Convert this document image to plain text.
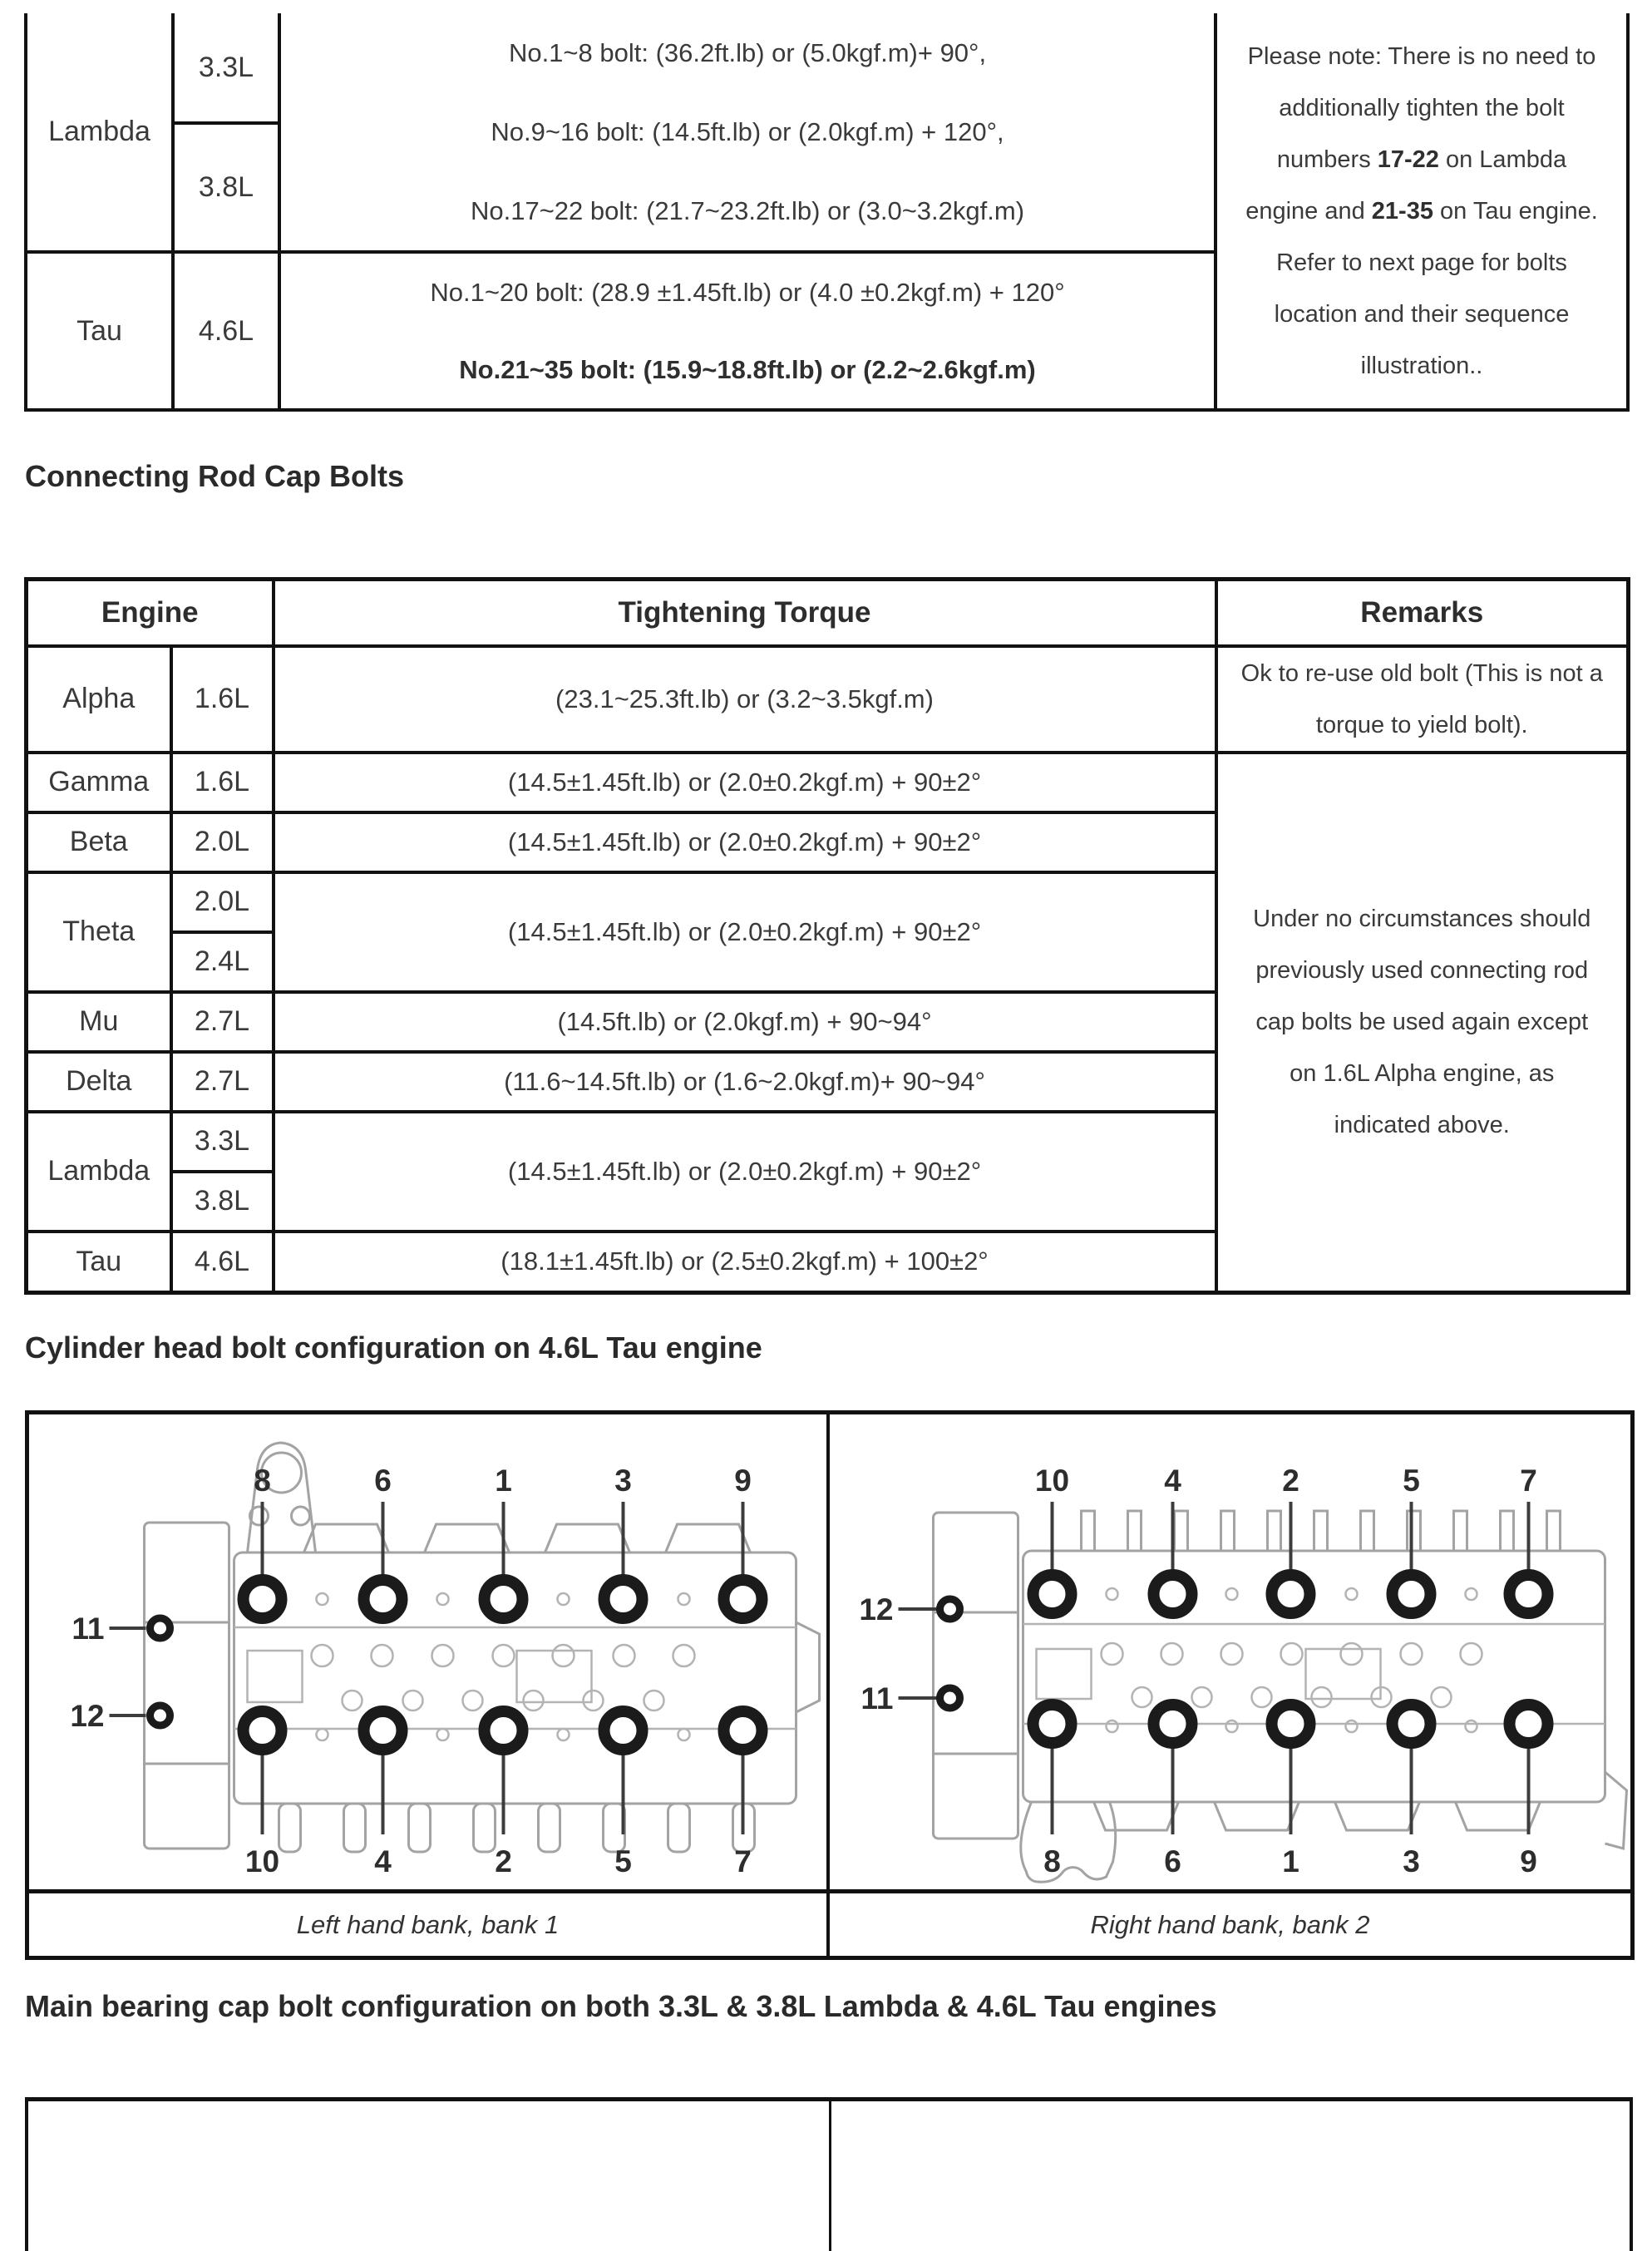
Lambda	3.3L	No.1~8 bolt: (36.2ft.lb) or (5.0kgf.m)+ 90°,
No.9~16 bolt: (14.5ft.lb) or (2.0kgf.m) + 120°,
No.17~22 bolt: (21.7~23.2ft.lb) or (3.0~3.2kgf.m)	Please note: There is no need to additionally tighten the bolt numbers 17-22 on Lambda engine and 21-35 on Tau engine. Refer to next page for bolts location and their sequence illustration..
	3.8L		
Tau	4.6L	No.1~20 bolt: (28.9 ±1.45ft.lb) or (4.0 ±0.2kgf.m) + 120°
No.21~35 bolt: (15.9~18.8ft.lb) or (2.2~2.6kgf.m)	
Connecting Rod Cap Bolts
Engine		Tightening Torque	Remarks
Alpha	1.6L	(23.1~25.3ft.lb) or (3.2~3.5kgf.m)	Ok to re-use old bolt (This is not a torque to yield bolt).
Gamma	1.6L	(14.5±1.45ft.lb) or (2.0±0.2kgf.m) + 90±2°	Under no circumstances should previously used connecting rod cap bolts be used again except on 1.6L Alpha engine, as indicated above.
Beta	2.0L	(14.5±1.45ft.lb) or (2.0±0.2kgf.m) + 90±2°	
Theta	2.0L	(14.5±1.45ft.lb) or (2.0±0.2kgf.m) + 90±2°	
	2.4L		
Mu	2.7L	(14.5ft.lb) or (2.0kgf.m) + 90~94°	
Delta	2.7L	(11.6~14.5ft.lb) or (1.6~2.0kgf.m)+ 90~94°	
Lambda	3.3L	(14.5±1.45ft.lb) or (2.0±0.2kgf.m) + 90±2°	
	3.8L		
Tau	4.6L	(18.1±1.45ft.lb) or (2.5±0.2kgf.m) + 100±2°	
Cylinder head bolt configuration on 4.6L Tau engine
8	6	1	3	9
10	4	2	5	7
11
12
10	4	2	5	7
8	6	1	3	9
12
11
Left hand bank, bank 1	Right hand bank, bank 2
Main bearing cap bolt configuration on both 3.3L & 3.8L Lambda & 4.6L Tau engines
